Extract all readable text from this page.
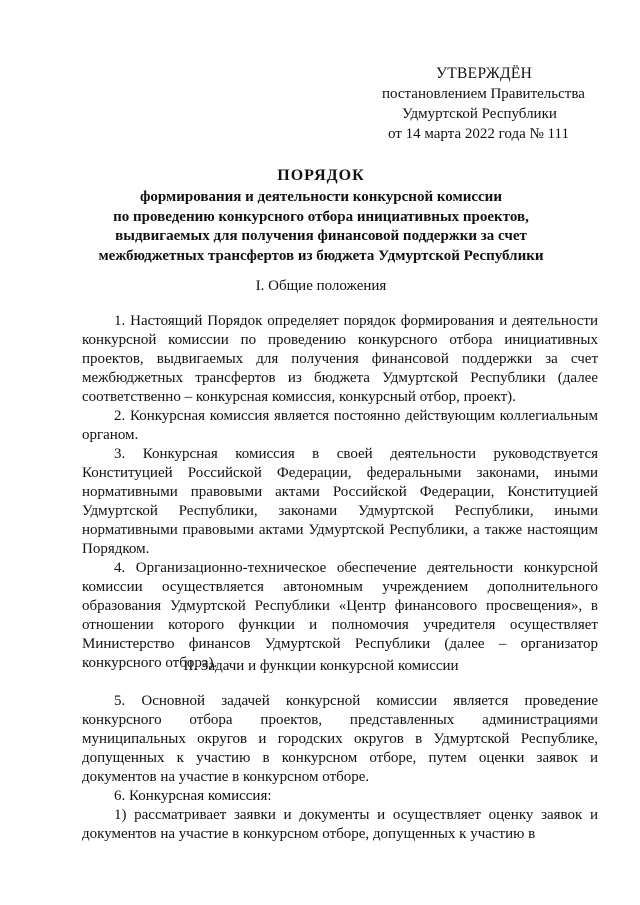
УТВЕРЖДЁН
постановлением Правительства
Удмуртской Республики
от 14 марта 2022 года № 111
ПОРЯДОК
формирования и деятельности конкурсной комиссии
по проведению конкурсного отбора инициативных проектов,
выдвигаемых для получения финансовой поддержки за счет
межбюджетных трансфертов из бюджета Удмуртской Республики
I. Общие положения

1. Настоящий Порядок определяет порядок формирования и деятельности конкурсной комиссии по проведению конкурсного отбора инициативных проектов, выдвигаемых для получения финансовой поддержки за счет межбюджетных трансфертов из бюджета Удмуртской Республики (далее соответственно – конкурсная комиссия, конкурсный отбор, проект).

2. Конкурсная комиссия является постоянно действующим коллегиальным органом.

3. Конкурсная комиссия в своей деятельности руководствуется Конституцией Российской Федерации, федеральными законами, иными нормативными правовыми актами Российской Федерации, Конституцией Удмуртской Республики, законами Удмуртской Республики, иными нормативными правовыми актами Удмуртской Республики, а также настоящим Порядком.

4. Организационно-техническое обеспечение деятельности конкурсной комиссии осуществляется автономным учреждением дополнительного образования Удмуртской Республики «Центр финансового просвещения», в отношении которого функции и полномочия учредителя осуществляет Министерство финансов Удмуртской Республики (далее – организатор конкурсного отбора).

II. Задачи и функции конкурсной комиссии

5. Основной задачей конкурсной комиссии является проведение конкурсного отбора проектов, представленных администрациями муниципальных округов и городских округов в Удмуртской Республике, допущенных к участию в конкурсном отборе, путем оценки заявок и документов на участие в конкурсном отборе.

6. Конкурсная комиссия:

1) рассматривает заявки и документы и осуществляет оценку заявок и документов на участие в конкурсном отборе, допущенных к участию в
